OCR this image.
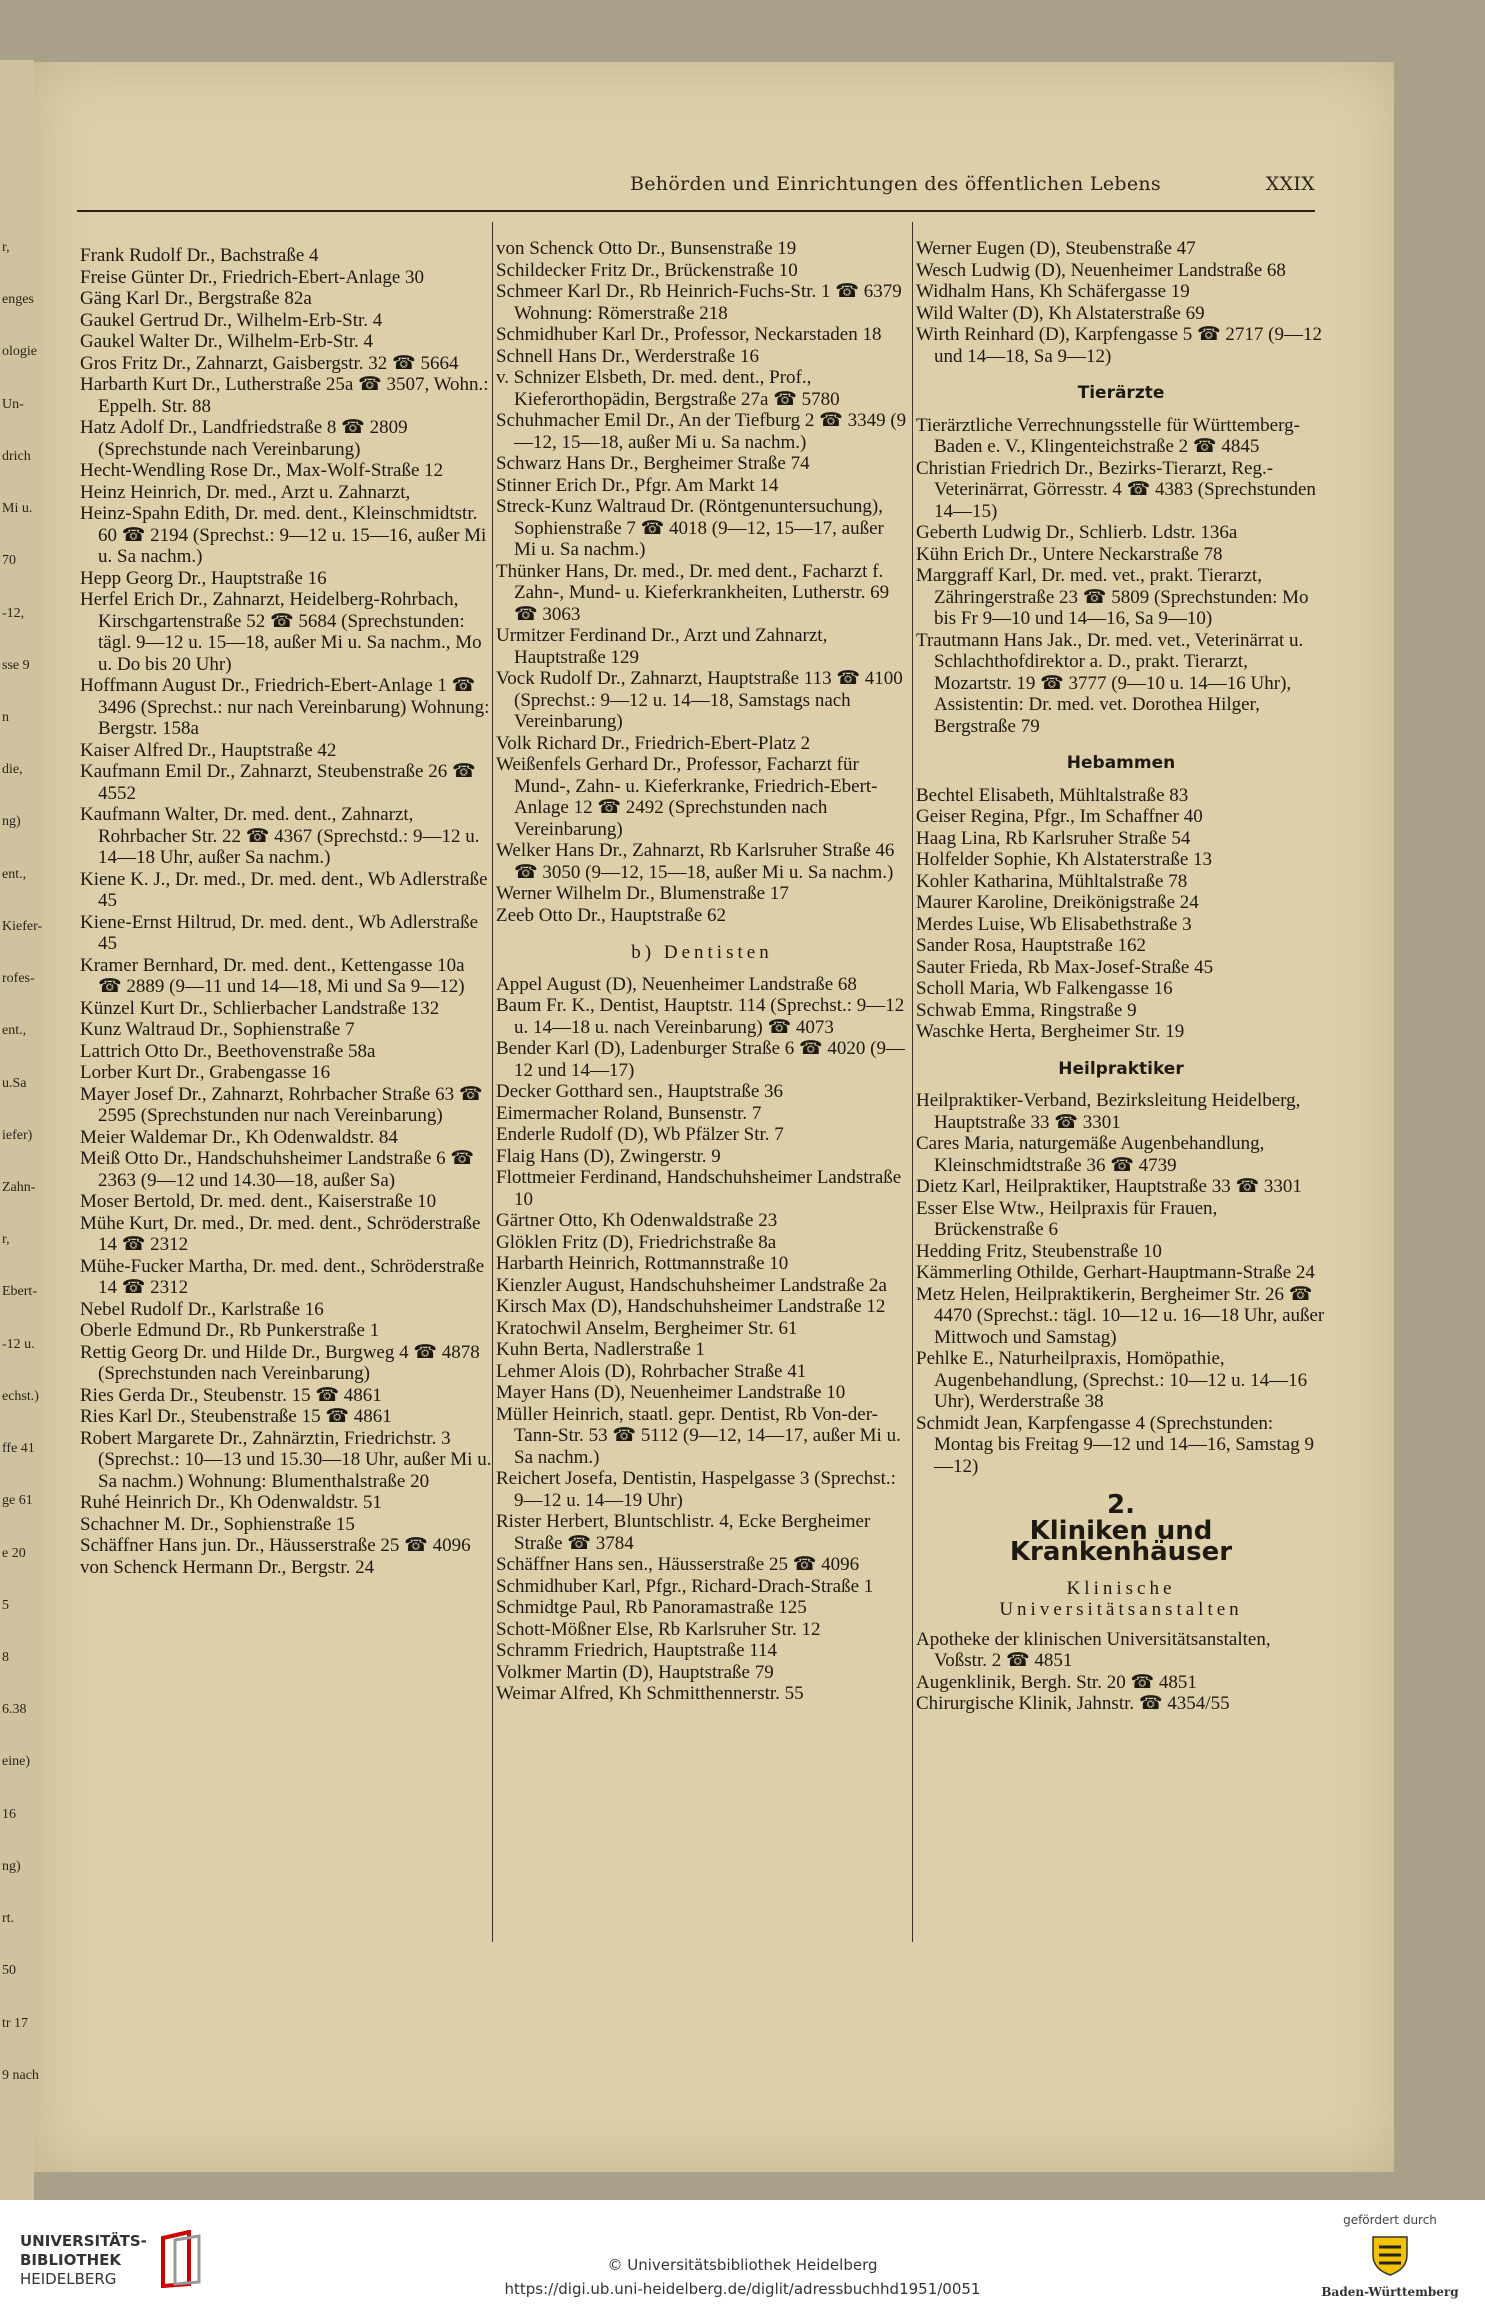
r,
enges
ologie
Un-
drich
Mi u.
70
-12,
sse 9
n
die,
ng)
ent.,
Kiefer-
rofes-
ent.,
u.Sa
iefer)
Zahn-
r,
Ebert-
-12 u.
echst.)
ffe 41
ge 61
e 20
5
8
6.38
eine)
16
ng)
rt.
50
tr 17
9 nach
Behörden und Einrichtungen des öffentlichen Lebens	XXIX
Frank Rudolf Dr., Bachstraße 4
Freise Günter Dr., Friedrich-Ebert-Anlage 30
Gäng Karl Dr., Bergstraße 82a
Gaukel Gertrud Dr., Wilhelm-Erb-Str. 4
Gaukel Walter Dr., Wilhelm-Erb-Str. 4
Gros Fritz Dr., Zahnarzt, Gaisbergstr. 32 ☎ 5664
Harbarth Kurt Dr., Lutherstraße 25a ☎ 3507, Wohn.: Eppelh. Str. 88
Hatz Adolf Dr., Landfriedstraße 8 ☎ 2809 (Sprechstunde nach Vereinbarung)
Hecht-Wendling Rose Dr., Max-Wolf-Straße 12
Heinz Heinrich, Dr. med., Arzt u. Zahnarzt,
Heinz-Spahn Edith, Dr. med. dent., Kleinschmidtstr. 60 ☎ 2194 (Sprechst.: 9—12 u. 15—16, außer Mi u. Sa nachm.)
Hepp Georg Dr., Hauptstraße 16
Herfel Erich Dr., Zahnarzt, Heidelberg-Rohrbach, Kirschgartenstraße 52 ☎ 5684 (Sprechstunden: tägl. 9—12 u. 15—18, außer Mi u. Sa nachm., Mo u. Do bis 20 Uhr)
Hoffmann August Dr., Friedrich-Ebert-Anlage 1 ☎ 3496 (Sprechst.: nur nach Vereinbarung) Wohnung: Bergstr. 158a
Kaiser Alfred Dr., Hauptstraße 42
Kaufmann Emil Dr., Zahnarzt, Steubenstraße 26 ☎ 4552
Kaufmann Walter, Dr. med. dent., Zahnarzt, Rohrbacher Str. 22 ☎ 4367 (Sprechstd.: 9—12 u. 14—18 Uhr, außer Sa nachm.)
Kiene K. J., Dr. med., Dr. med. dent., Wb Adlerstraße 45
Kiene-Ernst Hiltrud, Dr. med. dent., Wb Adlerstraße 45
Kramer Bernhard, Dr. med. dent., Kettengasse 10a ☎ 2889 (9—11 und 14—18, Mi und Sa 9—12)
Künzel Kurt Dr., Schlierbacher Landstraße 132
Kunz Waltraud Dr., Sophienstraße 7
Lattrich Otto Dr., Beethovenstraße 58a
Lorber Kurt Dr., Grabengasse 16
Mayer Josef Dr., Zahnarzt, Rohrbacher Straße 63 ☎ 2595 (Sprechstunden nur nach Vereinbarung)
Meier Waldemar Dr., Kh Odenwaldstr. 84
Meiß Otto Dr., Handschuhsheimer Landstraße 6 ☎ 2363 (9—12 und 14.30—18, außer Sa)
Moser Bertold, Dr. med. dent., Kaiserstraße 10
Mühe Kurt, Dr. med., Dr. med. dent., Schröderstraße 14 ☎ 2312
Mühe-Fucker Martha, Dr. med. dent., Schröderstraße 14 ☎ 2312
Nebel Rudolf Dr., Karlstraße 16
Oberle Edmund Dr., Rb Punkerstraße 1
Rettig Georg Dr. und Hilde Dr., Burgweg 4 ☎ 4878 (Sprechstunden nach Vereinbarung)
Ries Gerda Dr., Steubenstr. 15 ☎ 4861
Ries Karl Dr., Steubenstraße 15 ☎ 4861
Robert Margarete Dr., Zahnärztin, Friedrichstr. 3 (Sprechst.: 10—13 und 15.30—18 Uhr, außer Mi u. Sa nachm.) Wohnung: Blumenthalstraße 20
Ruhé Heinrich Dr., Kh Odenwaldstr. 51
Schachner M. Dr., Sophienstraße 15
Schäffner Hans jun. Dr., Häusserstraße 25 ☎ 4096
von Schenck Hermann Dr., Bergstr. 24
von Schenck Otto Dr., Bunsenstraße 19
Schildecker Fritz Dr., Brückenstraße 10
Schmeer Karl Dr., Rb Heinrich-Fuchs-Str. 1 ☎ 6379 Wohnung: Römerstraße 218
Schmidhuber Karl Dr., Professor, Neckarstaden 18
Schnell Hans Dr., Werderstraße 16
v. Schnizer Elsbeth, Dr. med. dent., Prof., Kieferorthopädin, Bergstraße 27a ☎ 5780
Schuhmacher Emil Dr., An der Tiefburg 2 ☎ 3349 (9—12, 15—18, außer Mi u. Sa nachm.)
Schwarz Hans Dr., Bergheimer Straße 74
Stinner Erich Dr., Pfgr. Am Markt 14
Streck-Kunz Waltraud Dr. (Röntgenuntersuchung), Sophienstraße 7 ☎ 4018 (9—12, 15—17, außer Mi u. Sa nachm.)
Thünker Hans, Dr. med., Dr. med dent., Facharzt f. Zahn-, Mund- u. Kieferkrankheiten, Lutherstr. 69 ☎ 3063
Urmitzer Ferdinand Dr., Arzt und Zahnarzt, Hauptstraße 129
Vock Rudolf Dr., Zahnarzt, Hauptstraße 113 ☎ 4100 (Sprechst.: 9—12 u. 14—18, Samstags nach Vereinbarung)
Volk Richard Dr., Friedrich-Ebert-Platz 2
Weißenfels Gerhard Dr., Professor, Facharzt für Mund-, Zahn- u. Kieferkranke, Friedrich-Ebert-Anlage 12 ☎ 2492 (Sprechstunden nach Vereinbarung)
Welker Hans Dr., Zahnarzt, Rb Karlsruher Straße 46 ☎ 3050 (9—12, 15—18, außer Mi u. Sa nachm.)
Werner Wilhelm Dr., Blumenstraße 17
Zeeb Otto Dr., Hauptstraße 62
b) Dentisten
Appel August (D), Neuenheimer Landstraße 68
Baum Fr. K., Dentist, Hauptstr. 114 (Sprechst.: 9—12 u. 14—18 u. nach Vereinbarung) ☎ 4073
Bender Karl (D), Ladenburger Straße 6 ☎ 4020 (9—12 und 14—17)
Decker Gotthard sen., Hauptstraße 36
Eimermacher Roland, Bunsenstr. 7
Enderle Rudolf (D), Wb Pfälzer Str. 7
Flaig Hans (D), Zwingerstr. 9
Flottmeier Ferdinand, Handschuhsheimer Landstraße 10
Gärtner Otto, Kh Odenwaldstraße 23
Glöklen Fritz (D), Friedrichstraße 8a
Harbarth Heinrich, Rottmannstraße 10
Kienzler August, Handschuhsheimer Landstraße 2a
Kirsch Max (D), Handschuhsheimer Landstraße 12
Kratochwil Anselm, Bergheimer Str. 61
Kuhn Berta, Nadlerstraße 1
Lehmer Alois (D), Rohrbacher Straße 41
Mayer Hans (D), Neuenheimer Landstraße 10
Müller Heinrich, staatl. gepr. Dentist, Rb Von-der-Tann-Str. 53 ☎ 5112 (9—12, 14—17, außer Mi u. Sa nachm.)
Reichert Josefa, Dentistin, Haspelgasse 3 (Sprechst.: 9—12 u. 14—19 Uhr)
Rister Herbert, Bluntschlistr. 4, Ecke Bergheimer Straße ☎ 3784
Schäffner Hans sen., Häusserstraße 25 ☎ 4096
Schmidhuber Karl, Pfgr., Richard-Drach-Straße 1
Schmidtge Paul, Rb Panoramastraße 125
Schott-Mößner Else, Rb Karlsruher Str. 12
Schramm Friedrich, Hauptstraße 114
Volkmer Martin (D), Hauptstraße 79
Weimar Alfred, Kh Schmitthennerstr. 55
Werner Eugen (D), Steubenstraße 47
Wesch Ludwig (D), Neuenheimer Landstraße 68
Widhalm Hans, Kh Schäfergasse 19
Wild Walter (D), Kh Alstaterstraße 69
Wirth Reinhard (D), Karpfengasse 5 ☎ 2717 (9—12 und 14—18, Sa 9—12)
Tierärzte
Tierärztliche Verrechnungsstelle für Württemberg-Baden e. V., Klingenteichstraße 2 ☎ 4845
Christian Friedrich Dr., Bezirks-Tierarzt, Reg.-Veterinärrat, Görresstr. 4 ☎ 4383 (Sprechstunden 14—15)
Geberth Ludwig Dr., Schlierb. Ldstr. 136a
Kühn Erich Dr., Untere Neckarstraße 78
Marggraff Karl, Dr. med. vet., prakt. Tierarzt, Zähringerstraße 23 ☎ 5809 (Sprechstunden: Mo bis Fr 9—10 und 14—16, Sa 9—10)
Trautmann Hans Jak., Dr. med. vet., Veterinärrat u. Schlachthofdirektor a. D., prakt. Tierarzt, Mozartstr. 19 ☎ 3777 (9—10 u. 14—16 Uhr), Assistentin: Dr. med. vet. Dorothea Hilger, Bergstraße 79
Hebammen
Bechtel Elisabeth, Mühltalstraße 83
Geiser Regina, Pfgr., Im Schaffner 40
Haag Lina, Rb Karlsruher Straße 54
Holfelder Sophie, Kh Alstaterstraße 13
Kohler Katharina, Mühltalstraße 78
Maurer Karoline, Dreikönigstraße 24
Merdes Luise, Wb Elisabethstraße 3
Sander Rosa, Hauptstraße 162
Sauter Frieda, Rb Max-Josef-Straße 45
Scholl Maria, Wb Falkengasse 16
Schwab Emma, Ringstraße 9
Waschke Herta, Bergheimer Str. 19
Heilpraktiker
Heilpraktiker-Verband, Bezirksleitung Heidelberg, Hauptstraße 33 ☎ 3301
Cares Maria, naturgemäße Augenbehandlung, Kleinschmidtstraße 36 ☎ 4739
Dietz Karl, Heilpraktiker, Hauptstraße 33 ☎ 3301
Esser Else Wtw., Heilpraxis für Frauen, Brückenstraße 6
Hedding Fritz, Steubenstraße 10
Kämmerling Othilde, Gerhart-Hauptmann-Straße 24
Metz Helen, Heilpraktikerin, Bergheimer Str. 26 ☎ 4470 (Sprechst.: tägl. 10—12 u. 16—18 Uhr, außer Mittwoch und Samstag)
Pehlke E., Naturheilpraxis, Homöpathie, Augenbehandlung, (Sprechst.: 10—12 u. 14—16 Uhr), Werderstraße 38
Schmidt Jean, Karpfengasse 4 (Sprechstunden: Montag bis Freitag 9—12 und 14—16, Samstag 9—12)
2.
Kliniken und Krankenhäuser
Klinische
Universitätsanstalten
Apotheke der klinischen Universitätsanstalten, Voßstr. 2 ☎ 4851
Augenklinik, Bergh. Str. 20 ☎ 4851
Chirurgische Klinik, Jahnstr. ☎ 4354/55
UNIVERSITÄTS-
BIBLIOTHEK
HEIDELBERG
© Universitätsbibliothek Heidelberg
https://digi.ub.uni-heidelberg.de/diglit/adressbuchhd1951/0051
gefördert durch
Baden-Württemberg
